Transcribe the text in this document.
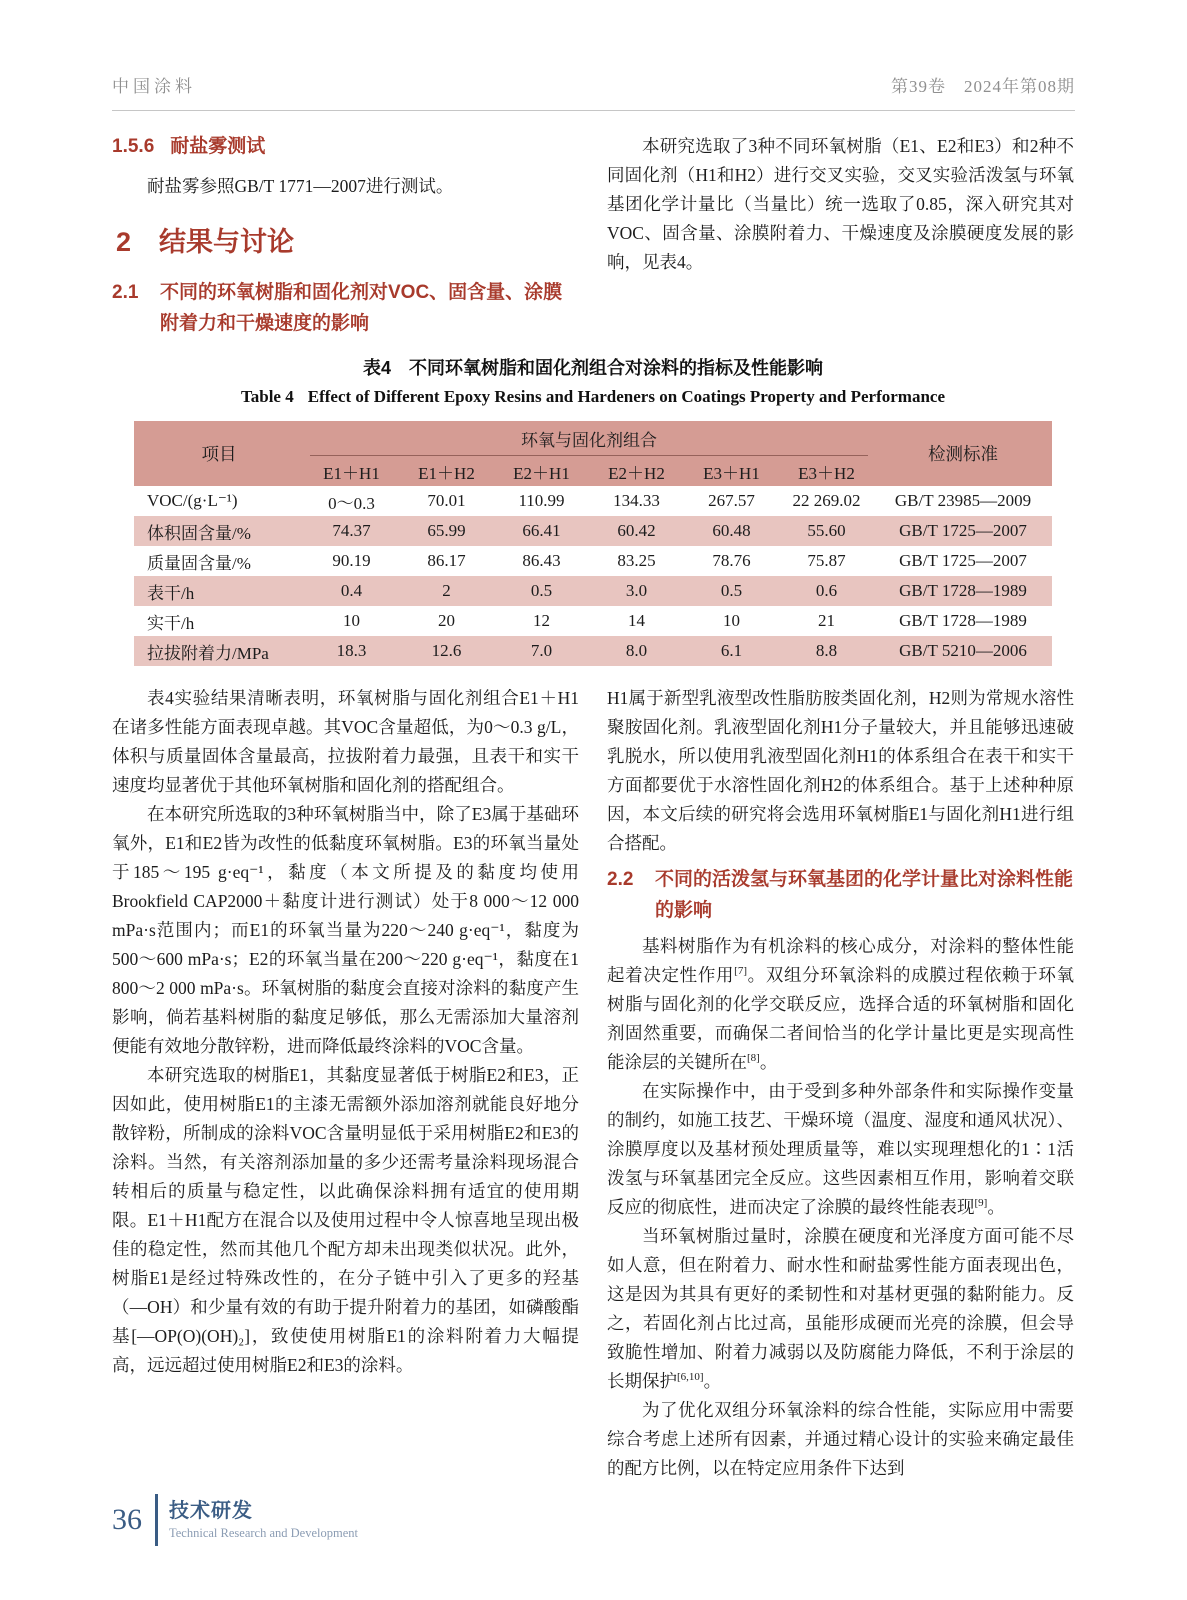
中国涂料	第39卷　2024年第08期
1.5.6 耐盐雾测试

耐盐雾参照GB/T 1771—2007进行测试。

2 结果与讨论
2.1	不同的环氧树脂和固化剂对VOC、固含量、涂膜附着力和干燥速度的影响

本研究选取了3种不同环氧树脂（E1、E2和E3）和2种不同固化剂（H1和H2）进行交叉实验，交叉实验活泼氢与环氧基团化学计量比（当量比）统一选取了0.85，深入研究其对VOC、固含量、涂膜附着力、干燥速度及涂膜硬度发展的影响，见表4。

表4 不同环氧树脂和固化剂组合对涂料的指标及性能影响
Table 4 Effect of Different Epoxy Resins and Hardeners on Coatings Property and Performance
项目	环氧与固化剂组合						检测标准
	E1＋H1	E1＋H2	E2＋H1	E2＋H2	E3＋H1	E3＋H2	
VOC/(g·L⁻¹)	0～0.3	70.01	110.99	134.33	267.57	22 269.02	GB/T 23985—2009
体积固含量/%	74.37	65.99	66.41	60.42	60.48	55.60	GB/T 1725—2007
质量固含量/%	90.19	86.17	86.43	83.25	78.76	75.87	GB/T 1725—2007
表干/h	0.4	2	0.5	3.0	0.5	0.6	GB/T 1728—1989
实干/h	10	20	12	14	10	21	GB/T 1728—1989
拉拔附着力/MPa	18.3	12.6	7.0	8.0	6.1	8.8	GB/T 5210—2006

表4实验结果清晰表明，环氧树脂与固化剂组合E1＋H1在诸多性能方面表现卓越。其VOC含量超低，为0～0.3 g/L，体积与质量固体含量最高，拉拔附着力最强，且表干和实干速度均显著优于其他环氧树脂和固化剂的搭配组合。

在本研究所选取的3种环氧树脂当中，除了E3属于基础环氧外，E1和E2皆为改性的低黏度环氧树脂。E3的环氧当量处于185～195 g·eq⁻¹，黏度（本文所提及的黏度均使用Brookfield CAP2000＋黏度计进行测试）处于8 000～12 000 mPa·s范围内；而E1的环氧当量为220～240 g·eq⁻¹，黏度为500～600 mPa·s；E2的环氧当量在200～220 g·eq⁻¹，黏度在1 800～2 000 mPa·s。环氧树脂的黏度会直接对涂料的黏度产生影响，倘若基料树脂的黏度足够低，那么无需添加大量溶剂便能有效地分散锌粉，进而降低最终涂料的VOC含量。

本研究选取的树脂E1，其黏度显著低于树脂E2和E3，正因如此，使用树脂E1的主漆无需额外添加溶剂就能良好地分散锌粉，所制成的涂料VOC含量明显低于采用树脂E2和E3的涂料。当然，有关溶剂添加量的多少还需考量涂料现场混合转相后的质量与稳定性，以此确保涂料拥有适宜的使用期限。E1＋H1配方在混合以及使用过程中令人惊喜地呈现出极佳的稳定性，然而其他几个配方却未出现类似状况。此外，树脂E1是经过特殊改性的，在分子链中引入了更多的羟基（—OH）和少量有效的有助于提升附着力的基团，如磷酸酯基[—OP(O)(OH)₂]，致使使用树脂E1的涂料附着力大幅提高，远远超过使用树脂E2和E3的涂料。

H1属于新型乳液型改性脂肪胺类固化剂，H2则为常规水溶性聚胺固化剂。乳液型固化剂H1分子量较大，并且能够迅速破乳脱水，所以使用乳液型固化剂H1的体系组合在表干和实干方面都要优于水溶性固化剂H2的体系组合。基于上述种种原因，本文后续的研究将会选用环氧树脂E1与固化剂H1进行组合搭配。

2.2	不同的活泼氢与环氧基团的化学计量比对涂料性能的影响

基料树脂作为有机涂料的核心成分，对涂料的整体性能起着决定性作用[7]。双组分环氧涂料的成膜过程依赖于环氧树脂与固化剂的化学交联反应，选择合适的环氧树脂和固化剂固然重要，而确保二者间恰当的化学计量比更是实现高性能涂层的关键所在[8]。

在实际操作中，由于受到多种外部条件和实际操作变量的制约，如施工技艺、干燥环境（温度、湿度和通风状况）、涂膜厚度以及基材预处理质量等，难以实现理想化的1∶1活泼氢与环氧基团完全反应。这些因素相互作用，影响着交联反应的彻底性，进而决定了涂膜的最终性能表现[9]。

当环氧树脂过量时，涂膜在硬度和光泽度方面可能不尽如人意，但在附着力、耐水性和耐盐雾性能方面表现出色，这是因为其具有更好的柔韧性和对基材更强的黏附能力。反之，若固化剂占比过高，虽能形成硬而光亮的涂膜，但会导致脆性增加、附着力减弱以及防腐能力降低，不利于涂层的长期保护[6,10]。

为了优化双组分环氧涂料的综合性能，实际应用中需要综合考虑上述所有因素，并通过精心设计的实验来确定最佳的配方比例，以在特定应用条件下达到

36 技术研发
Technical Research and Development
